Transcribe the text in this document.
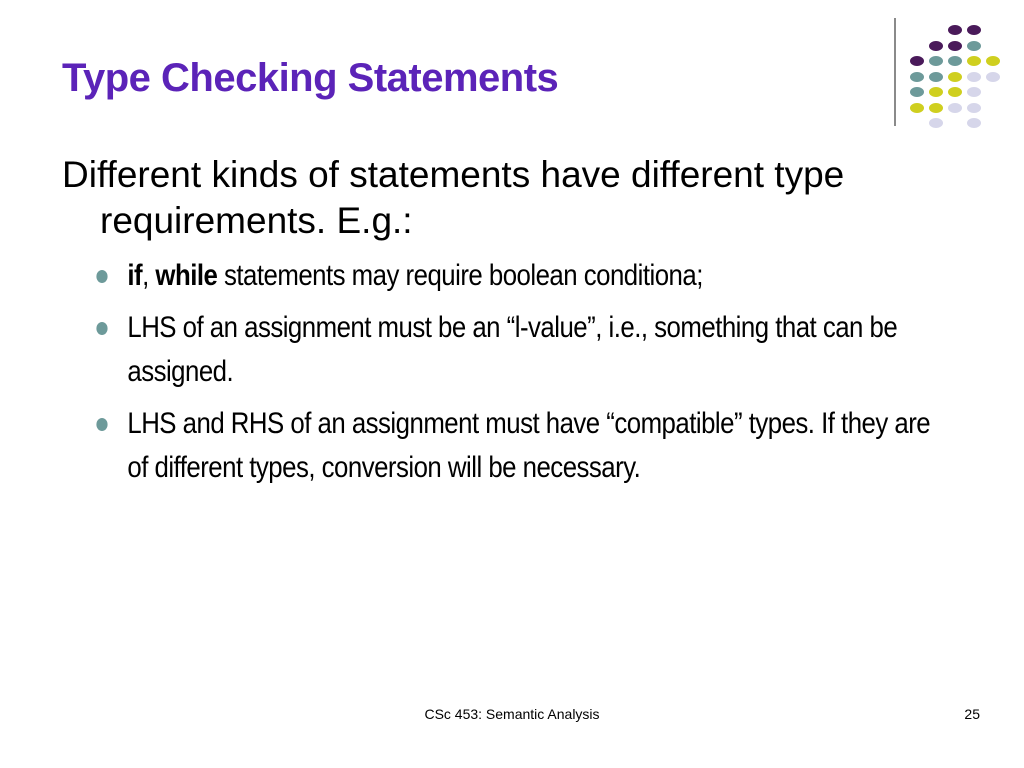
Type Checking Statements

Different kinds of statements have different type requirements. E.g.:

if, while statements may require boolean conditiona;
LHS of an assignment must be an “l-value”, i.e., something that can be assigned.
LHS and RHS of an assignment must have “compatible” types. If they are of different types, conversion will be necessary.
CSc 453: Semantic Analysis	25
